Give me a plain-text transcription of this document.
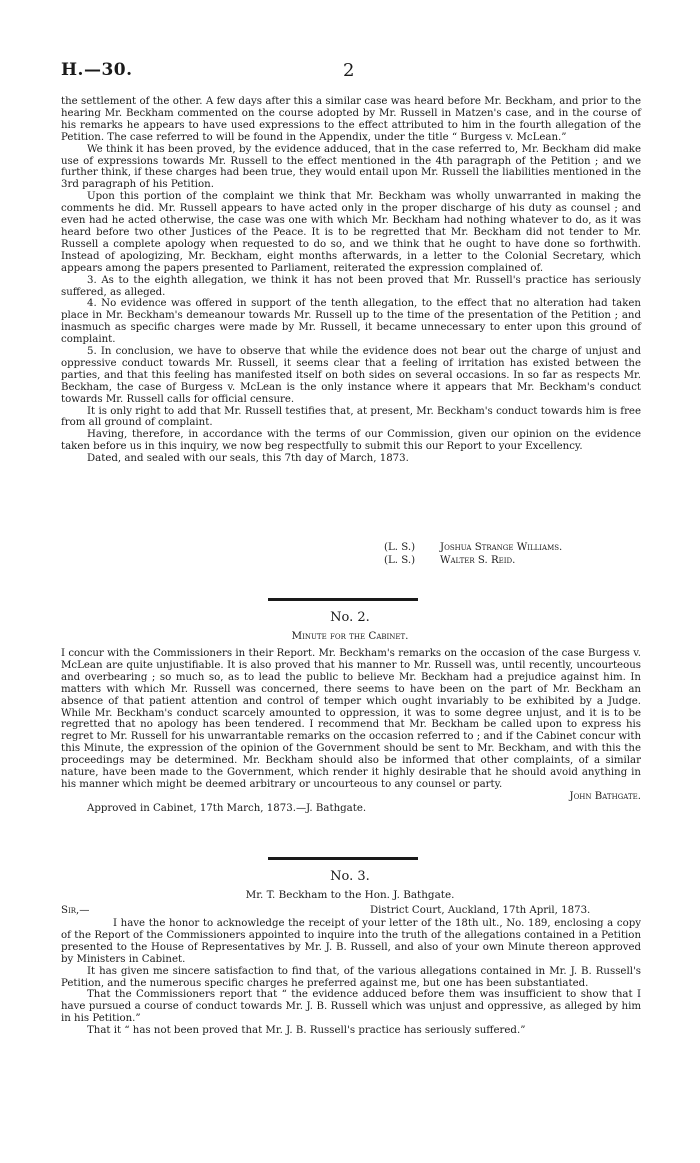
H.—30.	2

the settlement of the other. A few days after this a similar case was heard before Mr. Beckham, and prior to the hearing Mr. Beckham commented on the course adopted by Mr. Russell in Matzen's case, and in the course of his remarks he appears to have used expressions to the effect attributed to him in the fourth allegation of the Petition. The case referred to will be found in the Appendix, under the title “ Burgess v. McLean.”

We think it has been proved, by the evidence adduced, that in the case referred to, Mr. Beckham did make use of expressions towards Mr. Russell to the effect mentioned in the 4th paragraph of the Petition ; and we further think, if these charges had been true, they would entail upon Mr. Russell the liabilities mentioned in the 3rd paragraph of his Petition.

Upon this portion of the complaint we think that Mr. Beckham was wholly unwarranted in making the comments he did. Mr. Russell appears to have acted only in the proper discharge of his duty as counsel ; and even had he acted otherwise, the case was one with which Mr. Beckham had nothing whatever to do, as it was heard before two other Justices of the Peace. It is to be regretted that Mr. Beckham did not tender to Mr. Russell a complete apology when requested to do so, and we think that he ought to have done so forthwith. Instead of apologizing, Mr. Beckham, eight months afterwards, in a letter to the Colonial Secretary, which appears among the papers presented to Parliament, reiterated the expression complained of.

3. As to the eighth allegation, we think it has not been proved that Mr. Russell's practice has seriously suffered, as alleged.

4. No evidence was offered in support of the tenth allegation, to the effect that no alteration had taken place in Mr. Beckham's demeanour towards Mr. Russell up to the time of the presentation of the Petition ; and inasmuch as specific charges were made by Mr. Russell, it became unnecessary to enter upon this ground of complaint.

5. In conclusion, we have to observe that while the evidence does not bear out the charge of unjust and oppressive conduct towards Mr. Russell, it seems clear that a feeling of irritation has existed between the parties, and that this feeling has manifested itself on both sides on several occasions. In so far as respects Mr. Beckham, the case of Burgess v. McLean is the only instance where it appears that Mr. Beckham's conduct towards Mr. Russell calls for official censure.

It is only right to add that Mr. Russell testifies that, at present, Mr. Beckham's conduct towards him is free from all ground of complaint.

Having, therefore, in accordance with the terms of our Commission, given our opinion on the evidence taken before us in this inquiry, we now beg respectfully to submit this our Report to your Excellency.

Dated, and sealed with our seals, this 7th day of March, 1873.

(L. S.) Joshua Strange Williams.
(L. S.) Walter S. Reid.
No. 2.
Minute for the Cabinet.

I concur with the Commissioners in their Report. Mr. Beckham's remarks on the occasion of the case Burgess v. McLean are quite unjustifiable. It is also proved that his manner to Mr. Russell was, until recently, uncourteous and overbearing ; so much so, as to lead the public to believe Mr. Beckham had a prejudice against him. In matters with which Mr. Russell was concerned, there seems to have been on the part of Mr. Beckham an absence of that patient attention and control of temper which ought invariably to be exhibited by a Judge. While Mr. Beckham's conduct scarcely amounted to oppression, it was to some degree unjust, and it is to be regretted that no apology has been tendered. I recommend that Mr. Beckham be called upon to express his regret to Mr. Russell for his unwarrantable remarks on the occasion referred to ; and if the Cabinet concur with this Minute, the expression of the opinion of the Government should be sent to Mr. Beckham, and with this the proceedings may be determined. Mr. Beckham should also be informed that other complaints, of a similar nature, have been made to the Government, which render it highly desirable that he should avoid anything in his manner which might be deemed arbitrary or uncourteous to any counsel or party.

John Bathgate.

Approved in Cabinet, 17th March, 1873.—J. Bathgate.

No. 3.
Mr. T. Beckham to the Hon. J. Bathgate.
Sir,—	District Court, Auckland, 17th April, 1873.

I have the honor to acknowledge the receipt of your letter of the 18th ult., No. 189, enclosing a copy of the Report of the Commissioners appointed to inquire into the truth of the allegations contained in a Petition presented to the House of Representatives by Mr. J. B. Russell, and also of your own Minute thereon approved by Ministers in Cabinet.

It has given me sincere satisfaction to find that, of the various allegations contained in Mr. J. B. Russell's Petition, and the numerous specific charges he preferred against me, but one has been substantiated.

That the Commissioners report that “ the evidence adduced before them was insufficient to show that I have pursued a course of conduct towards Mr. J. B. Russell which was unjust and oppressive, as alleged by him in his Petition.”

That it “ has not been proved that Mr. J. B. Russell's practice has seriously suffered.”
